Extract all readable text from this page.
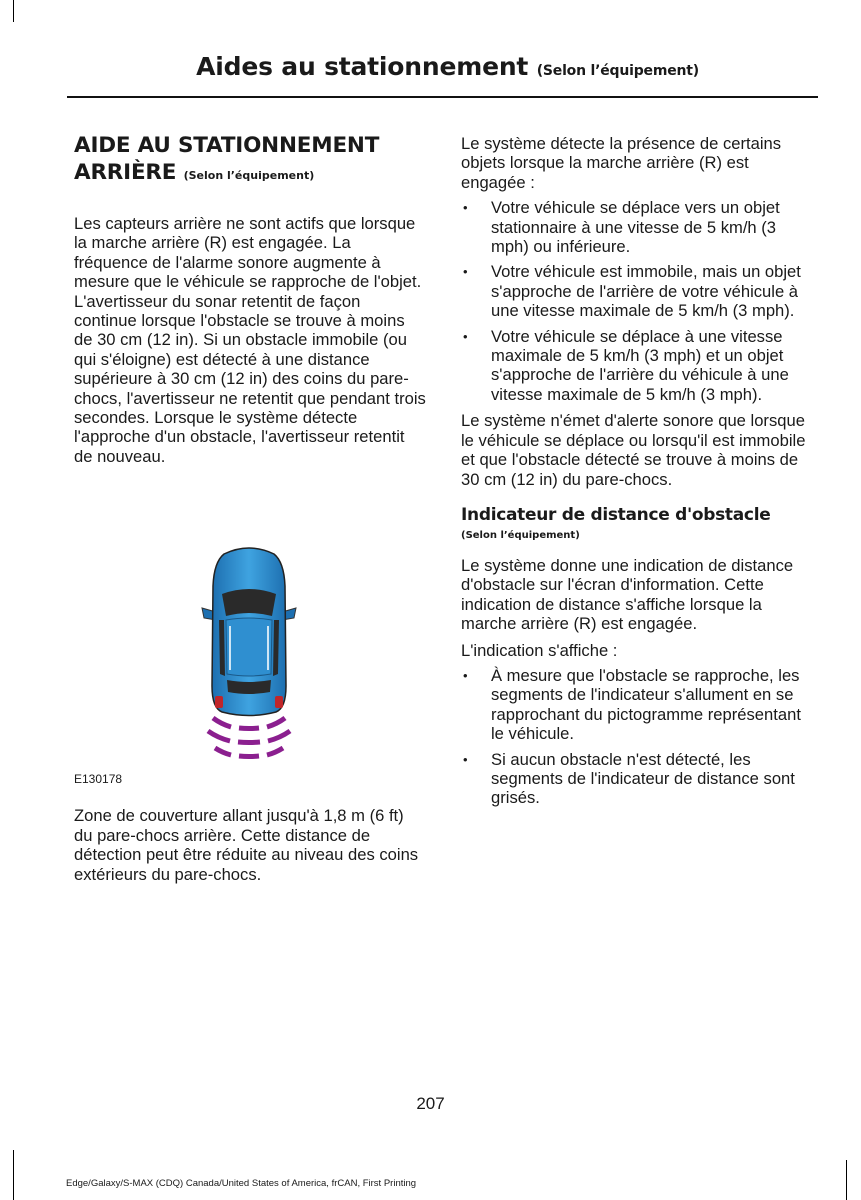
Aides au stationnement (Selon l’équipement)
AIDE AU STATIONNEMENT
ARRIÈRE (Selon l’équipement)

Les capteurs arrière ne sont actifs que lorsque la marche arrière (R) est engagée. La fréquence de l'alarme sonore augmente à mesure que le véhicule se rapproche de l'objet. L'avertisseur du sonar retentit de façon continue lorsque l'obstacle se trouve à moins de 30 cm (12 in). Si un obstacle immobile (ou qui s'éloigne) est détecté à une distance supérieure à 30 cm (12 in) des coins du pare-chocs, l'avertisseur ne retentit que pendant trois secondes. Lorsque le système détecte l'approche d'un obstacle, l'avertisseur retentit de nouveau.

E130178

Zone de couverture allant jusqu'à 1,8 m (6 ft) du pare-chocs arrière. Cette distance de détection peut être réduite au niveau des coins extérieurs du pare-chocs.

Le système détecte la présence de certains objets lorsque la marche arrière (R) est engagée :

• Votre véhicule se déplace vers un objet stationnaire à une vitesse de 5 km/h (3 mph) ou inférieure.
• Votre véhicule est immobile, mais un objet s'approche de l'arrière de votre véhicule à une vitesse maximale de 5 km/h (3 mph).
• Votre véhicule se déplace à une vitesse maximale de 5 km/h (3 mph) et un objet s'approche de l'arrière du véhicule à une vitesse maximale de 5 km/h (3 mph).

Le système n'émet d'alerte sonore que lorsque le véhicule se déplace ou lorsqu'il est immobile et que l'obstacle détecté se trouve à moins de 30 cm (12 in) du pare-chocs.

Indicateur de distance d'obstacle
(Selon l’équipement)

Le système donne une indication de distance d'obstacle sur l'écran d'information. Cette indication de distance s'affiche lorsque la marche arrière (R) est engagée.

L'indication s'affiche :

• À mesure que l'obstacle se rapproche, les segments de l'indicateur s'allument en se rapprochant du pictogramme représentant le véhicule.
• Si aucun obstacle n'est détecté, les segments de l'indicateur de distance sont grisés.
207
Edge/Galaxy/S-MAX (CDQ) Canada/United States of America, frCAN, First Printing
